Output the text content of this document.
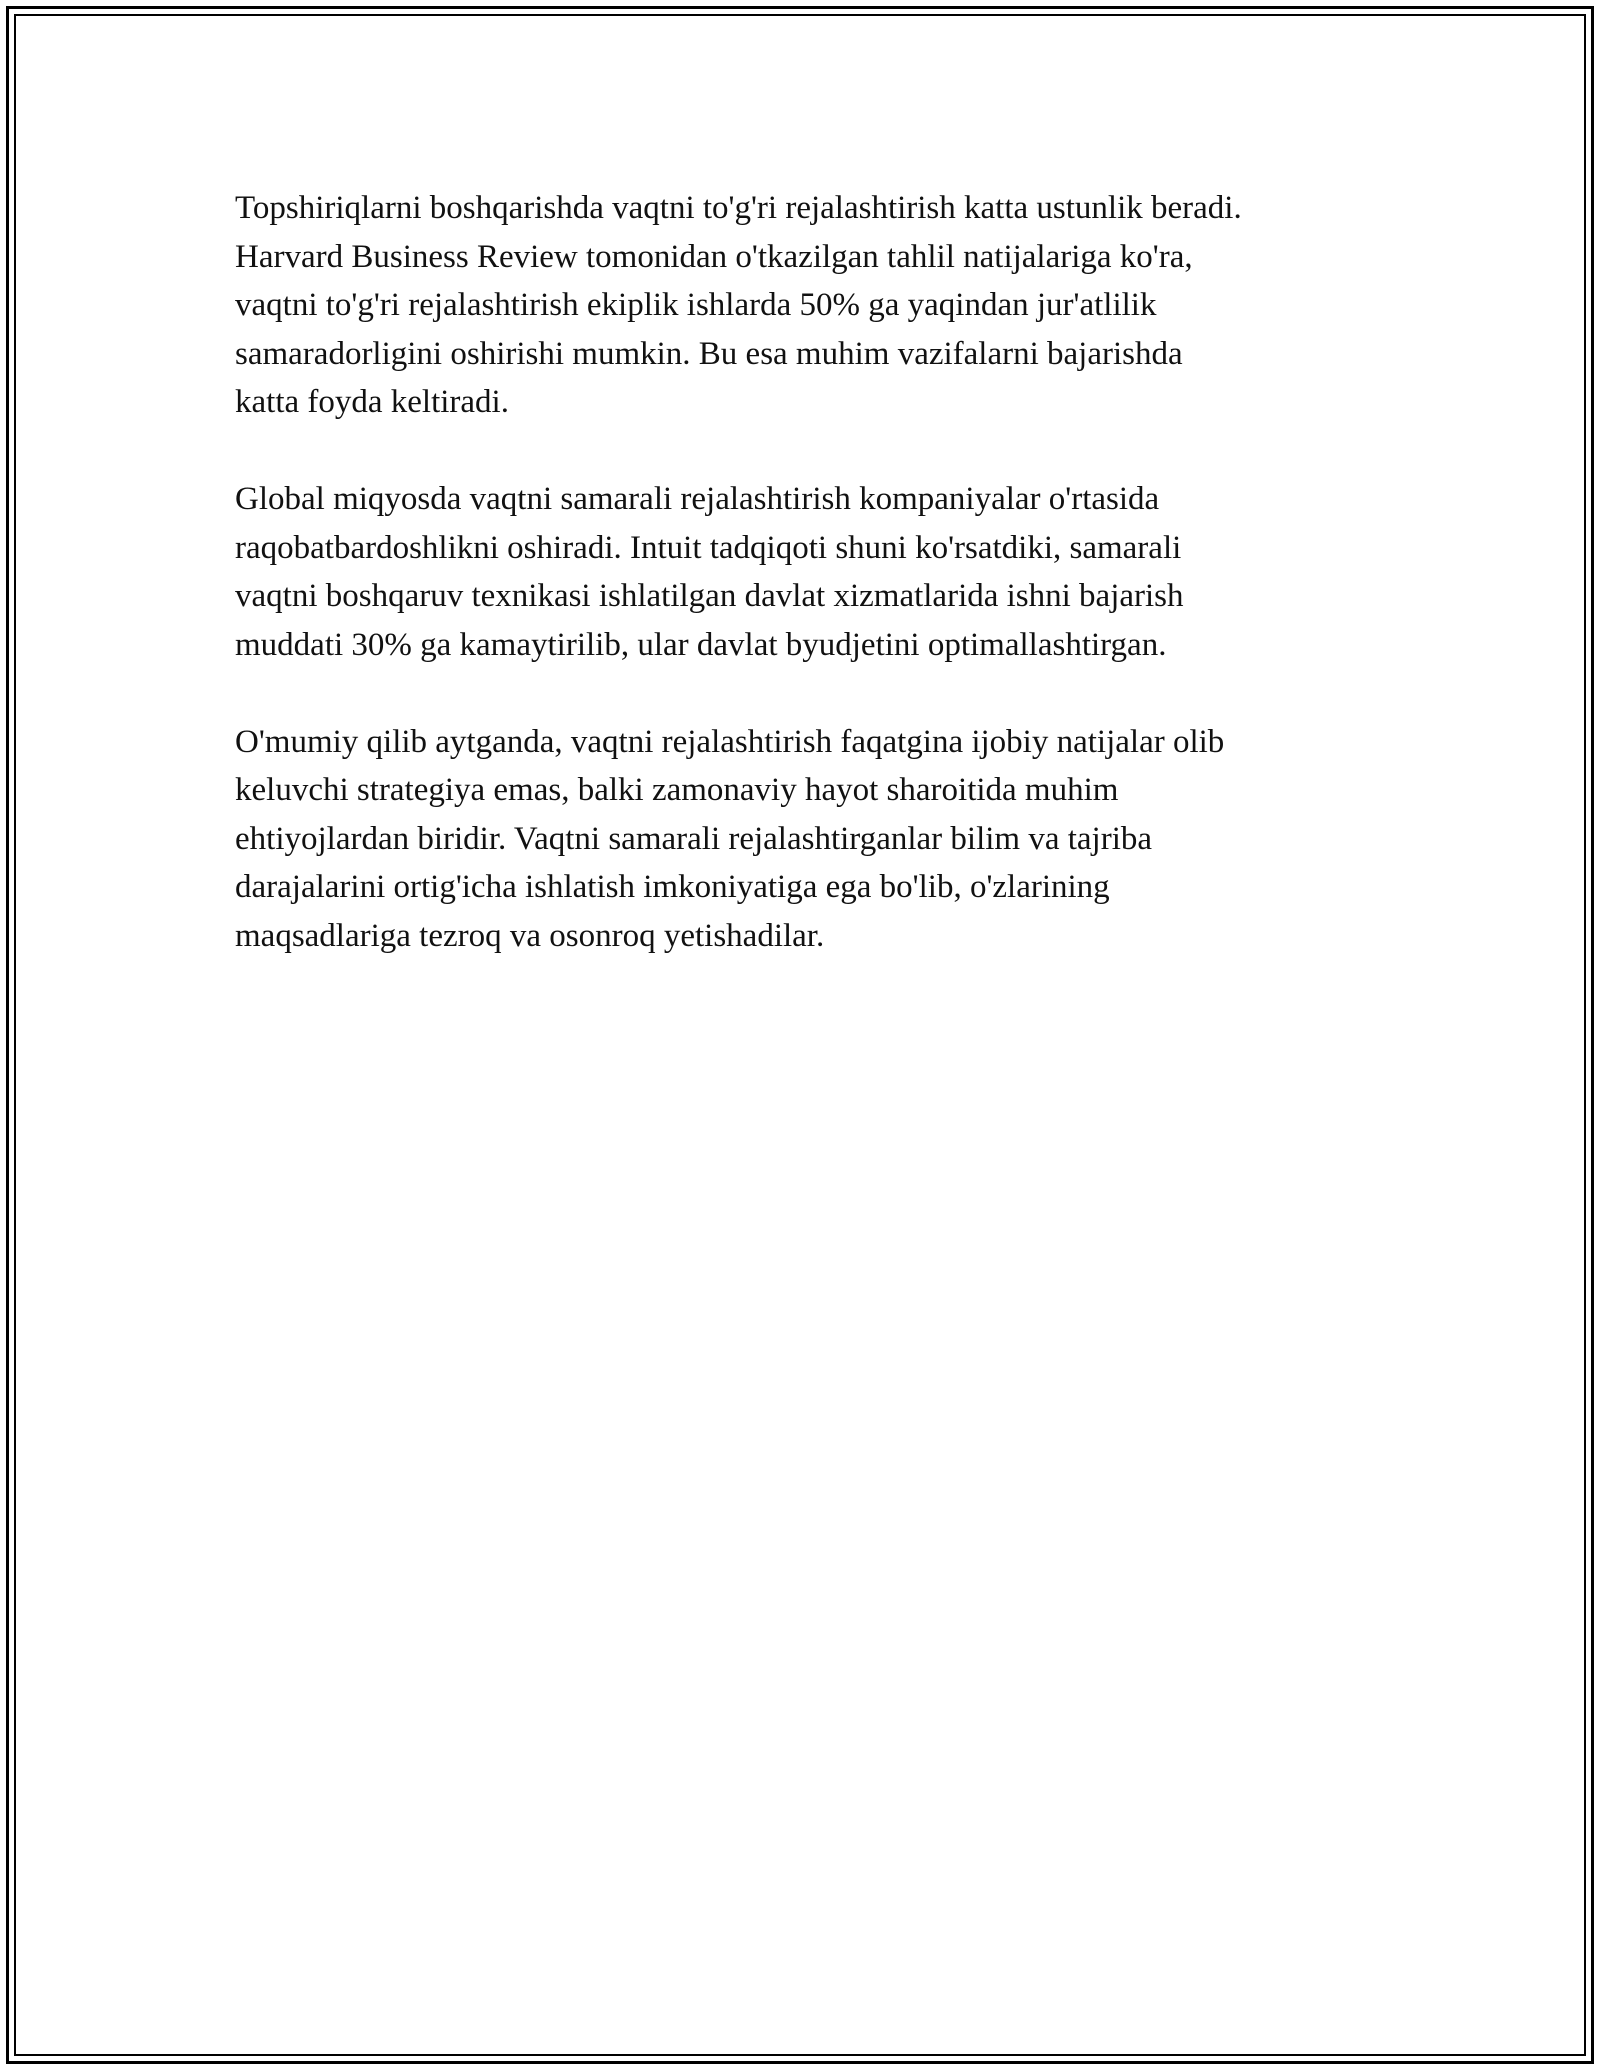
Topshiriqlarni boshqarishda vaqtni to'g'ri rejalashtirish katta ustunlik beradi.
Harvard Business Review tomonidan o'tkazilgan tahlil natijalariga ko'ra,
vaqtni to'g'ri rejalashtirish ekiplik ishlarda 50% ga yaqindan jur'atlilik
samaradorligini oshirishi mumkin. Bu esa muhim vazifalarni bajarishda
katta foyda keltiradi.
Global miqyosda vaqtni samarali rejalashtirish kompaniyalar o'rtasida
raqobatbardoshlikni oshiradi. Intuit tadqiqoti shuni ko'rsatdiki, samarali
vaqtni boshqaruv texnikasi ishlatilgan davlat xizmatlarida ishni bajarish
muddati 30% ga kamaytirilib, ular davlat byudjetini optimallashtirgan.
O'mumiy qilib aytganda, vaqtni rejalashtirish faqatgina ijobiy natijalar olib
keluvchi strategiya emas, balki zamonaviy hayot sharoitida muhim
ehtiyojlardan biridir. Vaqtni samarali rejalashtirganlar bilim va tajriba
darajalarini ortig'icha ishlatish imkoniyatiga ega bo'lib, o'zlarining
maqsadlariga tezroq va osonroq yetishadilar.
